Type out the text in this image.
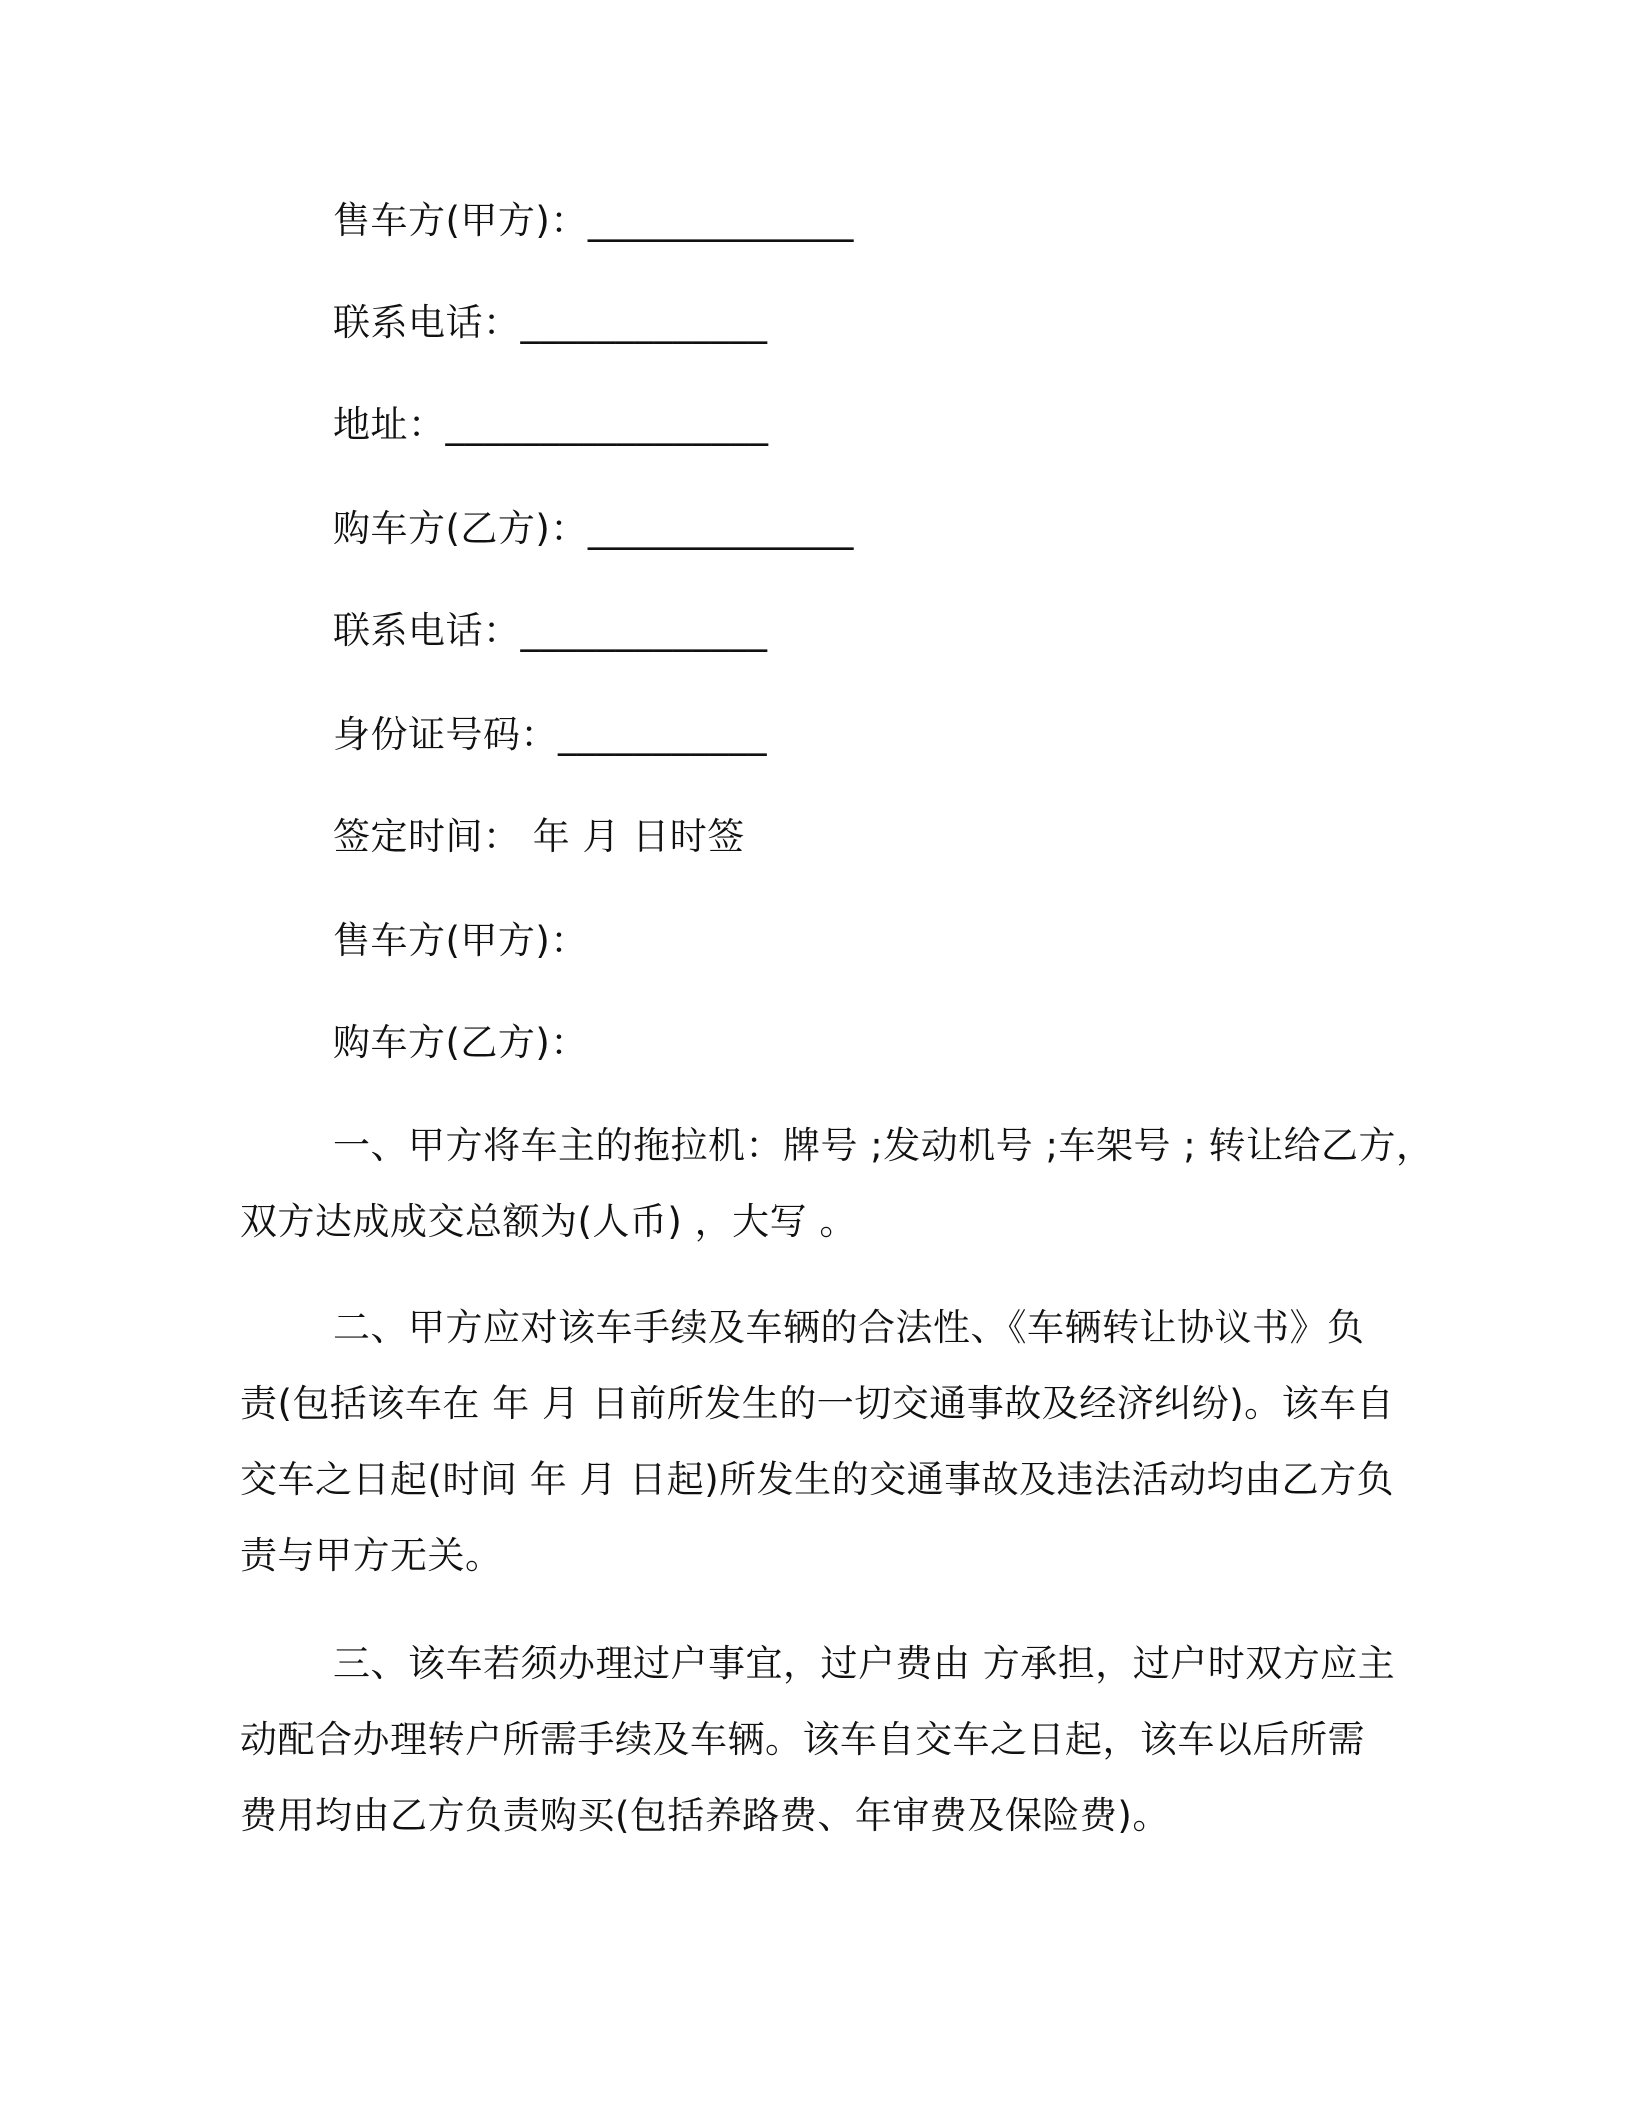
售车方(甲方)：______________
联系电话：_____________
地址：_________________
购车方(乙方)：______________
联系电话：_____________
身份证号码：___________
签定时间： 年 月 日时签
售车方(甲方)：
购车方(乙方)：
一、甲方将车主的拖拉机：牌号 ;发动机号 ;车架号 ; 转让给乙方，
双方达成成交总额为(人币) ，大写 。
二、甲方应对该车手续及车辆的合法性、《车辆转让协议书》负
责(包括该车在 年 月 日前所发生的一切交通事故及经济纠纷)。该车自
交车之日起(时间 年 月 日起)所发生的交通事故及违法活动均由乙方负
责与甲方无关。
三、该车若须办理过户事宜，过户费由 方承担，过户时双方应主
动配合办理转户所需手续及车辆。该车自交车之日起，该车以后所需
费用均由乙方负责购买(包括养路费、年审费及保险费)。
